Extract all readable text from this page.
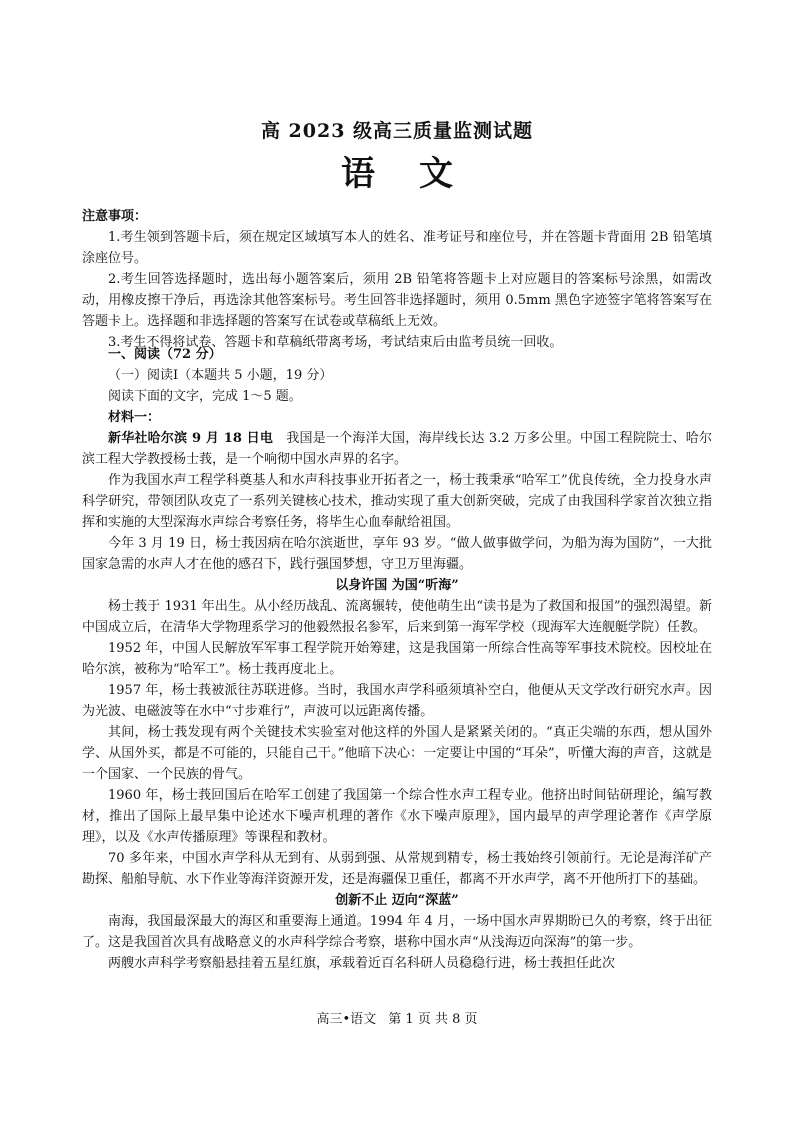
高 2023 级高三质量监测试题
语 文
注意事项：

1.考生领到答题卡后，须在规定区域填写本人的姓名、准考证号和座位号，并在答题卡背面用 2B 铅笔填涂座位号。

2.考生回答选择题时，选出每小题答案后，须用 2B 铅笔将答题卡上对应题目的答案标号涂黑，如需改动，用橡皮擦干净后，再选涂其他答案标号。考生回答非选择题时，须用 0.5mm 黑色字迹签字笔将答案写在答题卡上。选择题和非选择题的答案写在试卷或草稿纸上无效。

3.考生不得将试卷、答题卡和草稿纸带离考场，考试结束后由监考员统一回收。

一、阅读（72 分）

（一）阅读Ⅰ（本题共 5 小题，19 分）

阅读下面的文字，完成 1～5 题。

材料一：

新华社哈尔滨 9 月 18 日电　 我国是一个海洋大国，海岸线长达 3.2 万多公里。中国工程院院士、哈尔滨工程大学教授杨士莪，是一个响彻中国水声界的名字。

作为我国水声工程学科奠基人和水声科技事业开拓者之一，杨士莪秉承“哈军工”优良传统，全力投身水声科学研究，带领团队攻克了一系列关键核心技术，推动实现了重大创新突破，完成了由我国科学家首次独立指挥和实施的大型深海水声综合考察任务，将毕生心血奉献给祖国。

今年 3 月 19 日，杨士莪因病在哈尔滨逝世，享年 93 岁。“做人做事做学问，为船为海为国防”，一大批国家急需的水声人才在他的感召下，践行强国梦想，守卫万里海疆。

以身许国 为国“听海”

杨士莪于 1931 年出生。从小经历战乱、流离辗转，使他萌生出“读书是为了救国和报国”的强烈渴望。新中国成立后，在清华大学物理系学习的他毅然报名参军，后来到第一海军学校（现海军大连舰艇学院）任教。

1952 年，中国人民解放军军事工程学院开始筹建，这是我国第一所综合性高等军事技术院校。因校址在哈尔滨，被称为“哈军工”。杨士莪再度北上。

1957 年，杨士莪被派往苏联进修。当时，我国水声学科亟须填补空白，他便从天文学改行研究水声。因为光波、电磁波等在水中“寸步难行”，声波可以远距离传播。

其间，杨士莪发现有两个关键技术实验室对他这样的外国人是紧紧关闭的。“真正尖端的东西，想从国外学、从国外买，都是不可能的，只能自己干。”他暗下决心：一定要让中国的“耳朵”，听懂大海的声音，这就是一个国家、一个民族的骨气。

1960 年，杨士莪回国后在哈军工创建了我国第一个综合性水声工程专业。他挤出时间钻研理论，编写教材，推出了国际上最早集中论述水下噪声机理的著作《水下噪声原理》，国内最早的声学理论著作《声学原理》，以及《水声传播原理》等课程和教材。

70 多年来，中国水声学科从无到有、从弱到强、从常规到精专，杨士莪始终引领前行。无论是海洋矿产勘探、船舶导航、水下作业等海洋资源开发，还是海疆保卫重任，都离不开水声学，离不开他所打下的基础。

创新不止 迈向“深蓝”

南海，我国最深最大的海区和重要海上通道。1994 年 4 月，一场中国水声界期盼已久的考察，终于出征了。这是我国首次具有战略意义的水声科学综合考察，堪称中国水声“从浅海迈向深海”的第一步。

两艘水声科学考察船悬挂着五星红旗，承载着近百名科研人员稳稳行进，杨士莪担任此次

高三•语文 第 1 页 共 8 页
